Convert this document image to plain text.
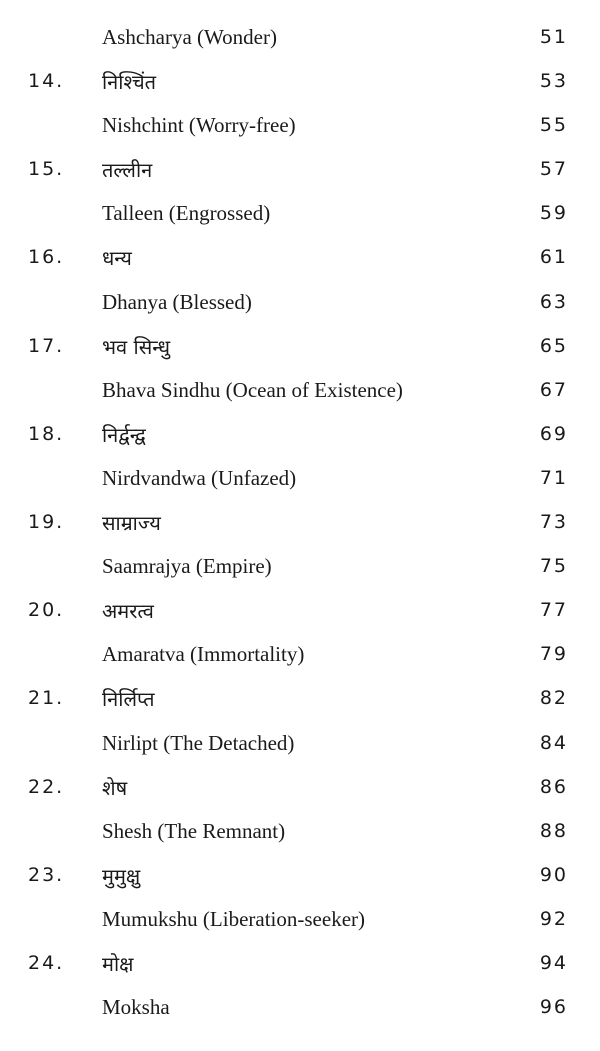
Ashcharya (Wonder)	51
14. निश्चिंत	53
Nishchint (Worry-free)	55
15. तल्लीन	57
Talleen (Engrossed)	59
16. धन्य	61
Dhanya (Blessed)	63
17. भव सिन्धु	65
Bhava Sindhu (Ocean of Existence)	67
18. निर्द्वन्द्व	69
Nirdvandwa (Unfazed)	71
19. साम्राज्य	73
Saamrajya (Empire)	75
20. अमरत्व	77
Amaratva (Immortality)	79
21. निर्लिप्त	82
Nirlipt (The Detached)	84
22. शेष	86
Shesh (The Remnant)	88
23. मुमुक्षु	90
Mumukshu (Liberation-seeker)	92
24. मोक्ष	94
Moksha	96
